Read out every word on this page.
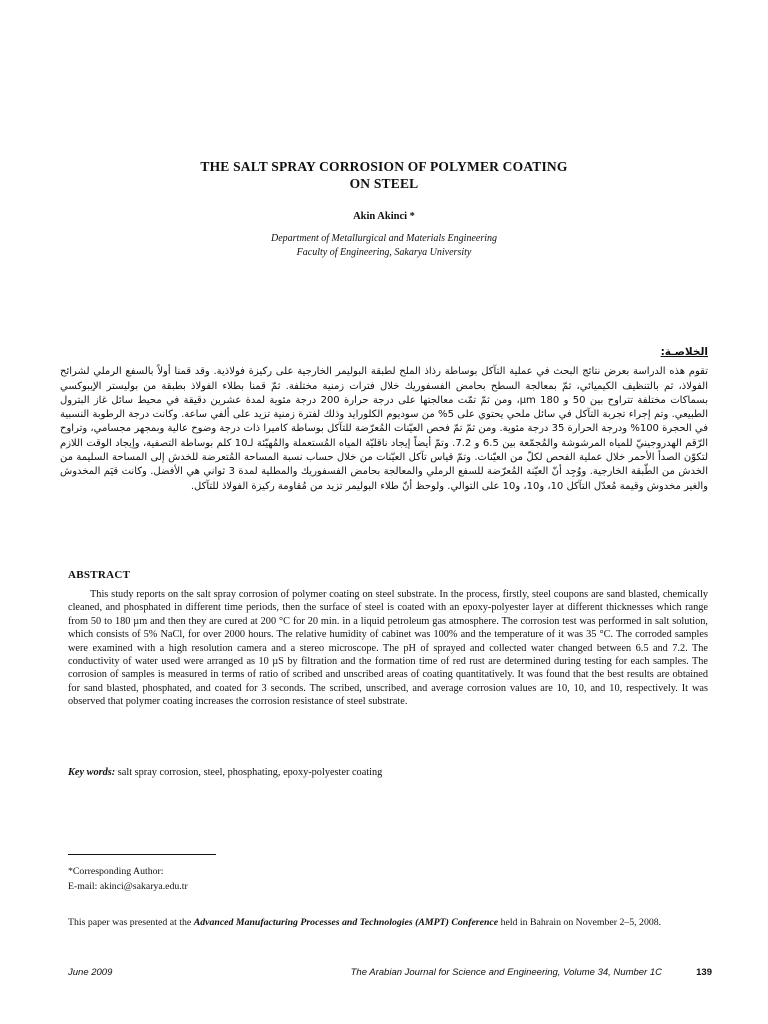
THE SALT SPRAY CORROSION OF POLYMER COATING
ON STEEL
Akin Akinci *
Department of Metallurgical and Materials Engineering
Faculty of Engineering, Sakarya University
الخلاصـة:
تقوم هذه الدراسة بعرض نتائج البحث في عملية التآكل بوساطة رذاذ الملح لطبقة البوليمر الخارجية على ركيزة فولاذية. وقد قمنا أولاً بالسفع الرملي لشرائح الفولاذ، ثم بالتنظيف الكيميائي، ثمّ بمعالجة السطح بحامض الفسفوريك خلال فترات زمنية مختلفة. ثمّ قمنا بطلاء الفولاذ بطبقة من بوليستر الإيبوكسي بسماكات مختلفة تتراوح بين 50 و 180 µm، ومن ثمّ تمّت معالجتها على درجة حرارة 200 درجة مئوية لمدة عشرين دقيقة في محيط سائل غاز البترول الطبيعي. وتم إجراء تجربة التآكل في سائل ملحي يحتوي على 5% من سوديوم الكلورايد وذلك لفترة زمنية تزيد على ألفي ساعة. وكانت درجة الرطوبة النسبية في الحجرة 100% ودرجة الحرارة 35 درجة مئوية. ومن ثمّ تمّ فحص العيّنات المُعرّضة للتآكل بوساطة كاميرا ذات درجة وضوح عالية وبمجهر مجسامي، وتراوح الرّقم الهدروجينيّ للمياه المرشوشة والمُجمّعة بين 6.5 و 7.2. وتمّ أيضاً إيجاد ناقليّة المياه المُستعملة والمُهيّئة لـ10 كلم بوساطة التصفية، وإيجاد الوقت اللازم لتكوّن الصدأ الأحمر خلال عملية الفحص لكلّ من العيّنات. وتمّ قياس تآكل العيّنات من خلال حساب نسبة المساحة المُتعرضة للخدش إلى المساحة السليمة من الخدش من الطّبقة الخارجية. ووُجِد أنّ العيّنة المُعرّضة للسفع الرملي والمعالجة بحامض الفسفوريك والمطلية لمدة 3 ثواني هي الأفضل. وكانت قيَم المخدوش والغير مخدوش وقيمة مُعدّل التآكل 10، و10، و10 على التوالي. ولوحظ أنّ طلاء البوليمر تزيد من مُقاومة ركيزة الفولاذ للتآكل.
ABSTRACT
This study reports on the salt spray corrosion of polymer coating on steel substrate. In the process, firstly, steel coupons are sand blasted, chemically cleaned, and phosphated in different time periods, then the surface of steel is coated with an epoxy-polyester layer at different thicknesses which range from 50 to 180 µm and then they are cured at 200 °C for 20 min. in a liquid petroleum gas atmosphere. The corrosion test was performed in salt solution, which consists of 5% NaCl, for over 2000 hours. The relative humidity of cabinet was 100% and the temperature of it was 35 °C. The corroded samples were examined with a high resolution camera and a stereo microscope. The pH of sprayed and collected water changed between 6.5 and 7.2. The conductivity of water used were arranged as 10 µS by filtration and the formation time of red rust are determined during testing for each samples. The corrosion of samples is measured in terms of ratio of scribed and unscribed areas of coating quantitatively. It was found that the best results are obtained for sand blasted, phosphated, and coated for 3 seconds. The scribed, unscribed, and average corrosion values are 10, 10, and 10, respectively. It was observed that polymer coating increases the corrosion resistance of steel substrate.
Key words: salt spray corrosion, steel, phosphating, epoxy-polyester coating
*Corresponding Author:
E-mail: akinci@sakarya.edu.tr
This paper was presented at the Advanced Manufacturing Processes and Technologies (AMPT) Conference held in Bahrain on November 2–5, 2008.
June 2009	The Arabian Journal for Science and Engineering, Volume 34, Number 1C	139
